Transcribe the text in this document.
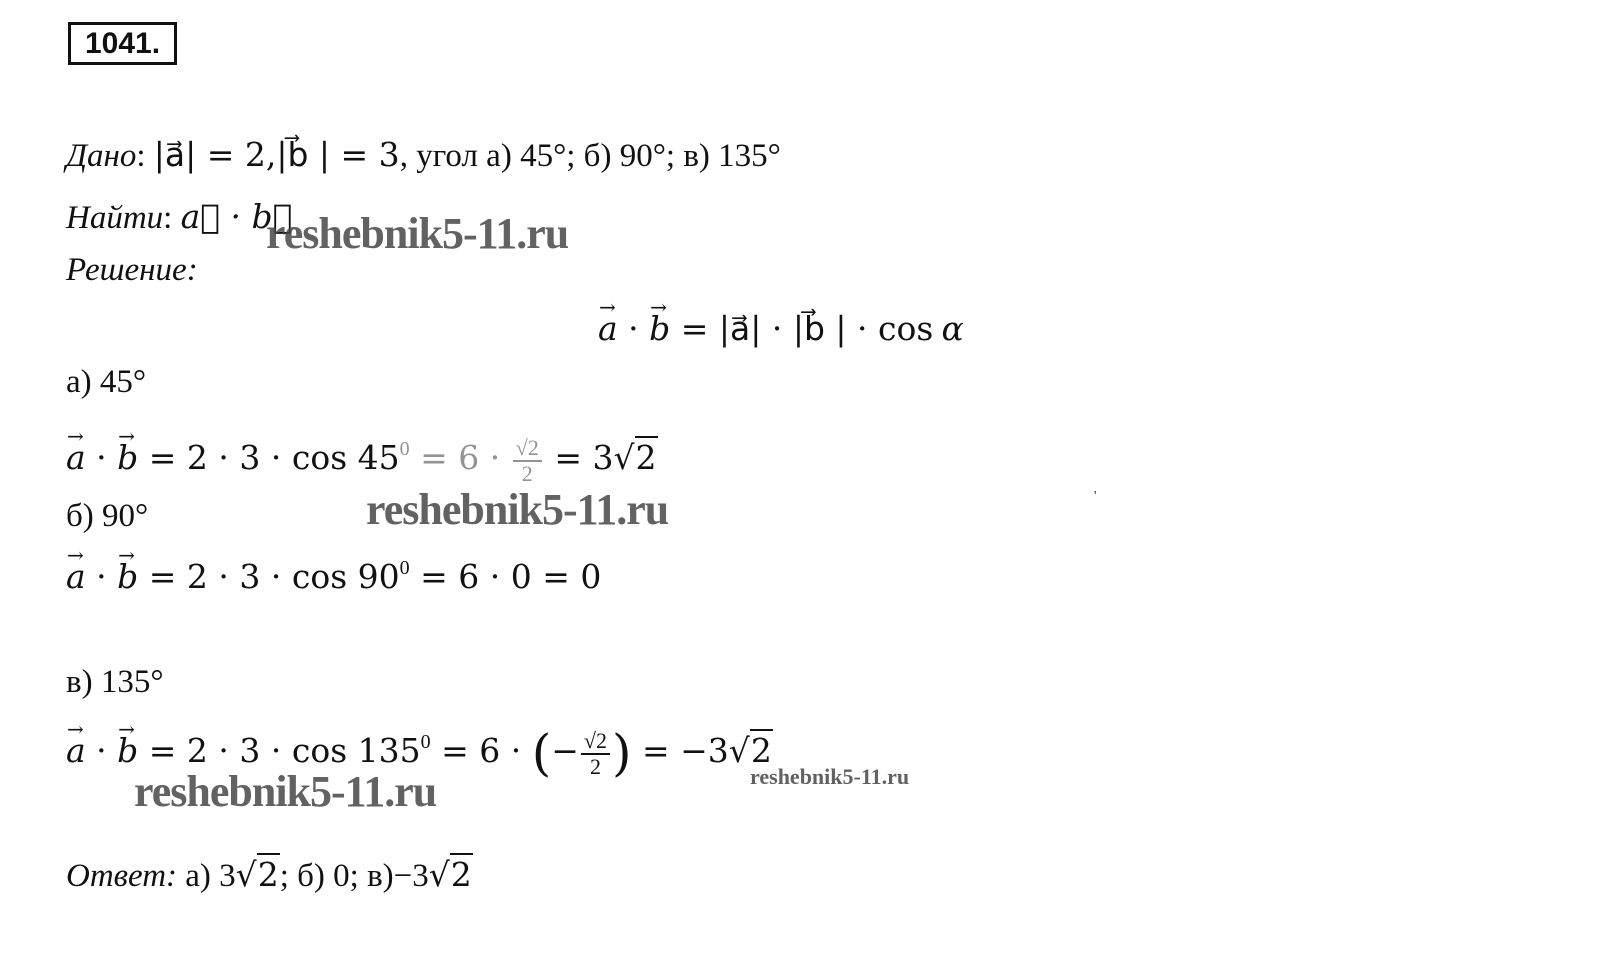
1041.
Дано: |a⃗| = 2,|b⃗ | = 3, угол а) 45°; б) 90°; в) 135°
Найти: a⃗ · b⃗
Решение:
→ a · → b = |a⃗| · |b⃗ | · cos α
а) 45°
→ a · → $b = 2 \cdot 3 \cdot \cos 45^0 = 6 \cdot \frac{√2}{2} = 3√2$
б) 90°
→ a · → $b = 2 \cdot 3 \cdot \cos 90^0 = 6 \cdot 0 = 0$
в) 135°
→ a · → $b = 2 \cdot 3 \cdot \cos 135^0 = 6$ · (− $\frac{√2}{2}$ ) = −3√2
Ответ: а) 3√2; б) 0; в)−3√2
reshebnik5-11.ru
reshebnik5-11.ru
reshebnik5-11.ru	reshebnik5-11.ru
'
